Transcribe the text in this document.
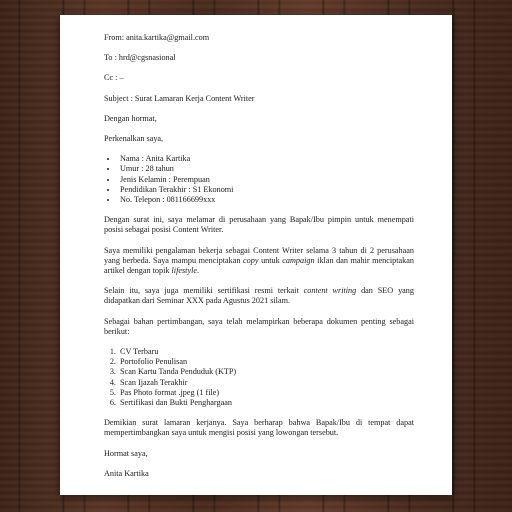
From: anita.kartika@gmail.com

To : hrd@cgsnasional

Cc : –

Subject : Surat Lamaran Kerja Content Writer

Dengan hormat,

Perkenalkan saya,

• Nama : Anita Kartika
• Umur : 28 tahun
• Jenis Kelamin : Perempuan
• Pendidikan Terakhir : S1 Ekonomi
• No. Telepon : 081166699xxx

Dengan surat ini, saya melamar di perusahaan yang Bapak/Ibu pimpin untuk menempati posisi sebagai posisi Content Writer.

Saya memiliki pengalaman bekerja sebagai Content Writer selama 3 tahun di 2 perusahaan yang berbeda. Saya mampu menciptakan copy untuk campaign iklan dan mahir menciptakan artikel dengan topik lifestyle.

Selain itu, saya juga memiliki sertifikasi resmi terkait content writing dan SEO yang didapatkan dari Seminar XXX pada Agustus 2021 silam.

Sebagai bahan pertimbangan, saya telah melampirkan beberapa dokumen penting sebagai berikut:

1. CV Terbaru
2. Portofolio Penulisan
3. Scan Kartu Tanda Penduduk (KTP)
4. Scan Ijazah Terakhir
5. Pas Photo format .jpeg (1 file)
6. Sertifikasi dan Bukti Penghargaan

Demikian surat lamaran kerjanya. Saya berharap bahwa Bapak/Ibu di tempat dapat mempertimbangkan saya untuk mengisi posisi yang lowongan tersebut.

Hormat saya,

Anita Kartika
